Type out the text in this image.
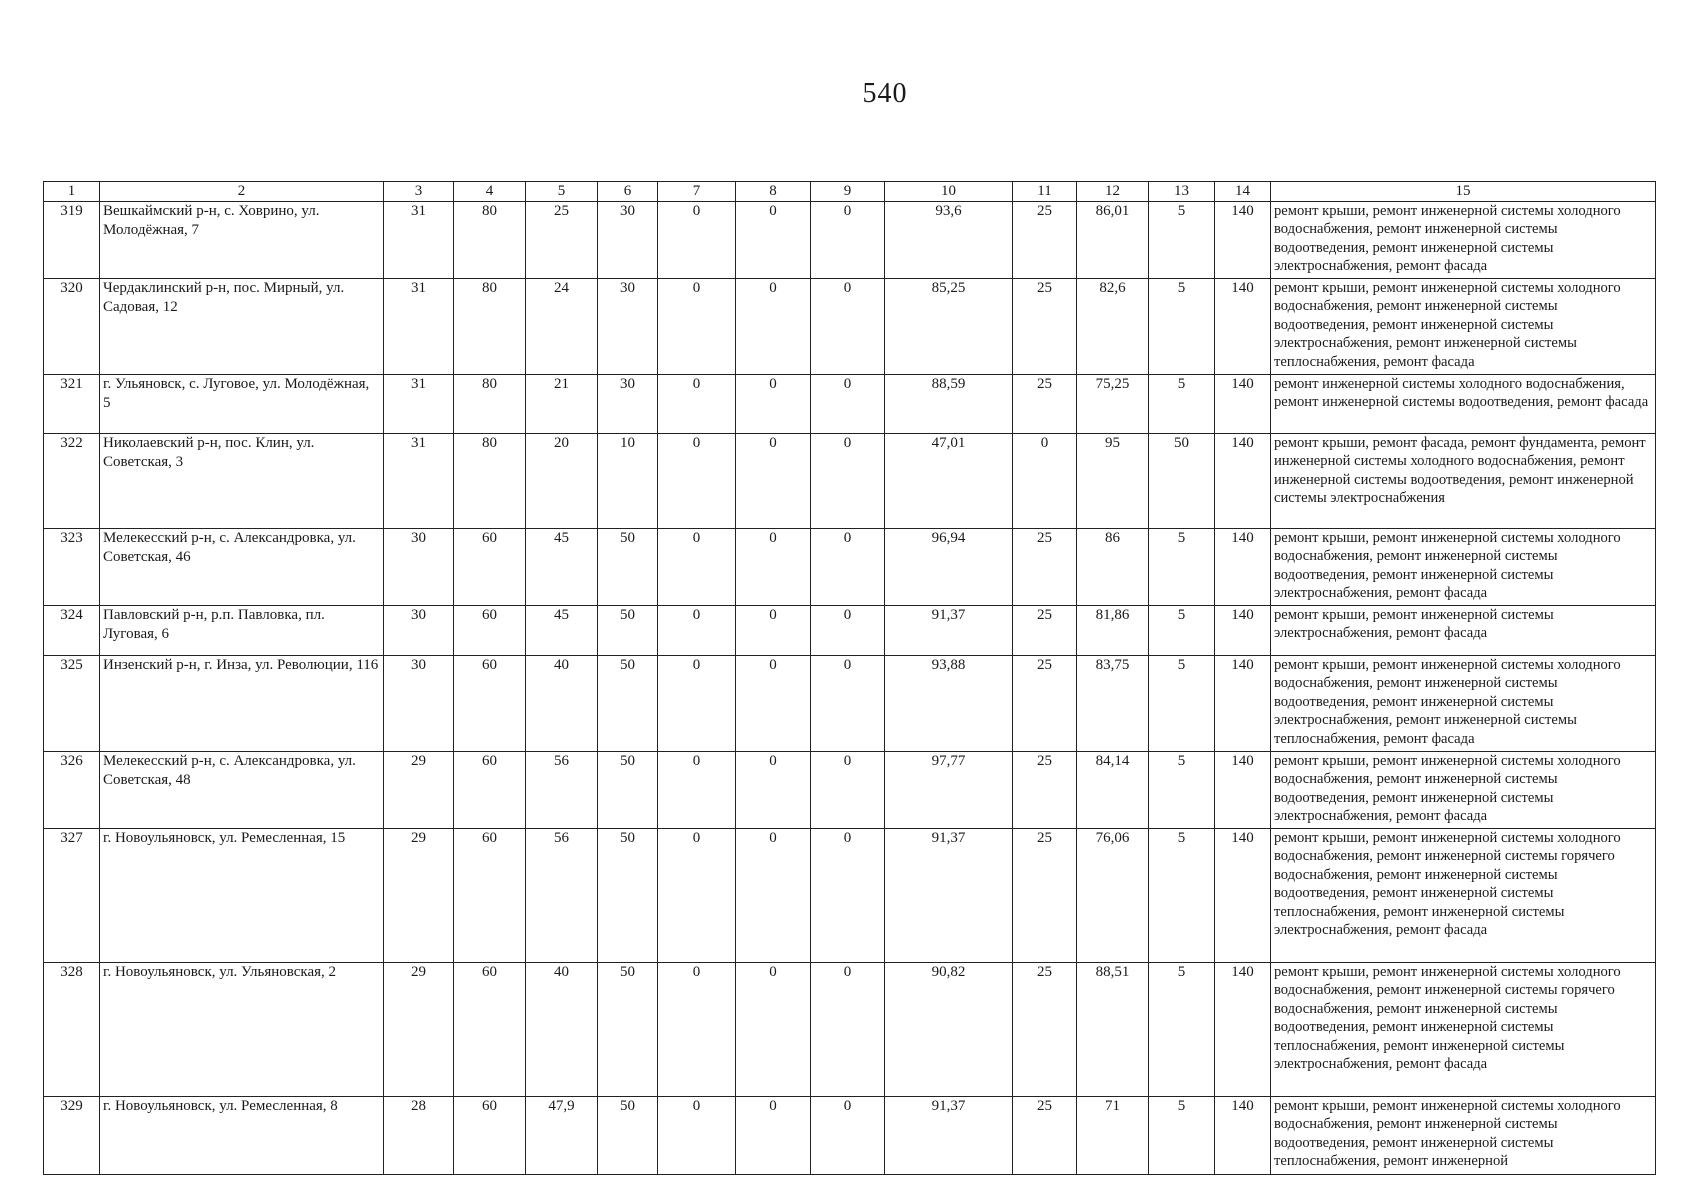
540
1	2	3	4	5	6	7	8	9	10	11	12	13	14	15
319	Вешкаймский р-н, с. Ховрино, ул. Молодёжная, 7	31	80	25	30	0	0	0	93,6	25	86,01	5	140	ремонт крыши, ремонт инженерной системы холодного водоснабжения, ремонт инженерной системы водоотведения, ремонт инженерной системы электроснабжения, ремонт фасада
320	Чердаклинский р-н, пос. Мирный, ул. Садовая, 12	31	80	24	30	0	0	0	85,25	25	82,6	5	140	ремонт крыши, ремонт инженерной системы холодного водоснабжения, ремонт инженерной системы водоотведения, ремонт инженерной системы электроснабжения, ремонт инженерной системы теплоснабжения, ремонт фасада
321	г. Ульяновск, с. Луговое, ул. Молодёжная, 5	31	80	21	30	0	0	0	88,59	25	75,25	5	140	ремонт инженерной системы холодного водоснабжения, ремонт инженерной системы водоотведения, ремонт фасада
322	Николаевский р-н, пос. Клин, ул. Советская, 3	31	80	20	10	0	0	0	47,01	0	95	50	140	ремонт крыши, ремонт фасада, ремонт фундамента, ремонт инженерной системы холодного водоснабжения, ремонт инженерной системы водоотведения, ремонт инженерной системы электроснабжения
323	Мелекесский р-н, с. Александровка, ул. Советская, 46	30	60	45	50	0	0	0	96,94	25	86	5	140	ремонт крыши, ремонт инженерной системы холодного водоснабжения, ремонт инженерной системы водоотведения, ремонт инженерной системы электроснабжения, ремонт фасада
324	Павловский р-н, р.п. Павловка, пл. Луговая, 6	30	60	45	50	0	0	0	91,37	25	81,86	5	140	ремонт крыши, ремонт инженерной системы электроснабжения, ремонт фасада
325	Инзенский р-н, г. Инза, ул. Революции, 116	30	60	40	50	0	0	0	93,88	25	83,75	5	140	ремонт крыши, ремонт инженерной системы холодного водоснабжения, ремонт инженерной системы водоотведения, ремонт инженерной системы электроснабжения, ремонт инженерной системы теплоснабжения, ремонт фасада
326	Мелекесский р-н, с. Александровка, ул. Советская, 48	29	60	56	50	0	0	0	97,77	25	84,14	5	140	ремонт крыши, ремонт инженерной системы холодного водоснабжения, ремонт инженерной системы водоотведения, ремонт инженерной системы электроснабжения, ремонт фасада
327	г. Новоульяновск, ул. Ремесленная, 15	29	60	56	50	0	0	0	91,37	25	76,06	5	140	ремонт крыши, ремонт инженерной системы холодного водоснабжения, ремонт инженерной системы горячего водоснабжения, ремонт инженерной системы водоотведения, ремонт инженерной системы теплоснабжения, ремонт инженерной системы электроснабжения, ремонт фасада
328	г. Новоульяновск, ул. Ульяновская, 2	29	60	40	50	0	0	0	90,82	25	88,51	5	140	ремонт крыши, ремонт инженерной системы холодного водоснабжения, ремонт инженерной системы горячего водоснабжения, ремонт инженерной системы водоотведения, ремонт инженерной системы теплоснабжения, ремонт инженерной системы электроснабжения, ремонт фасада
329	г. Новоульяновск, ул. Ремесленная, 8	28	60	47,9	50	0	0	0	91,37	25	71	5	140	ремонт крыши, ремонт инженерной системы холодного водоснабжения, ремонт инженерной системы водоотведения, ремонт инженерной системы теплоснабжения, ремонт инженерной
